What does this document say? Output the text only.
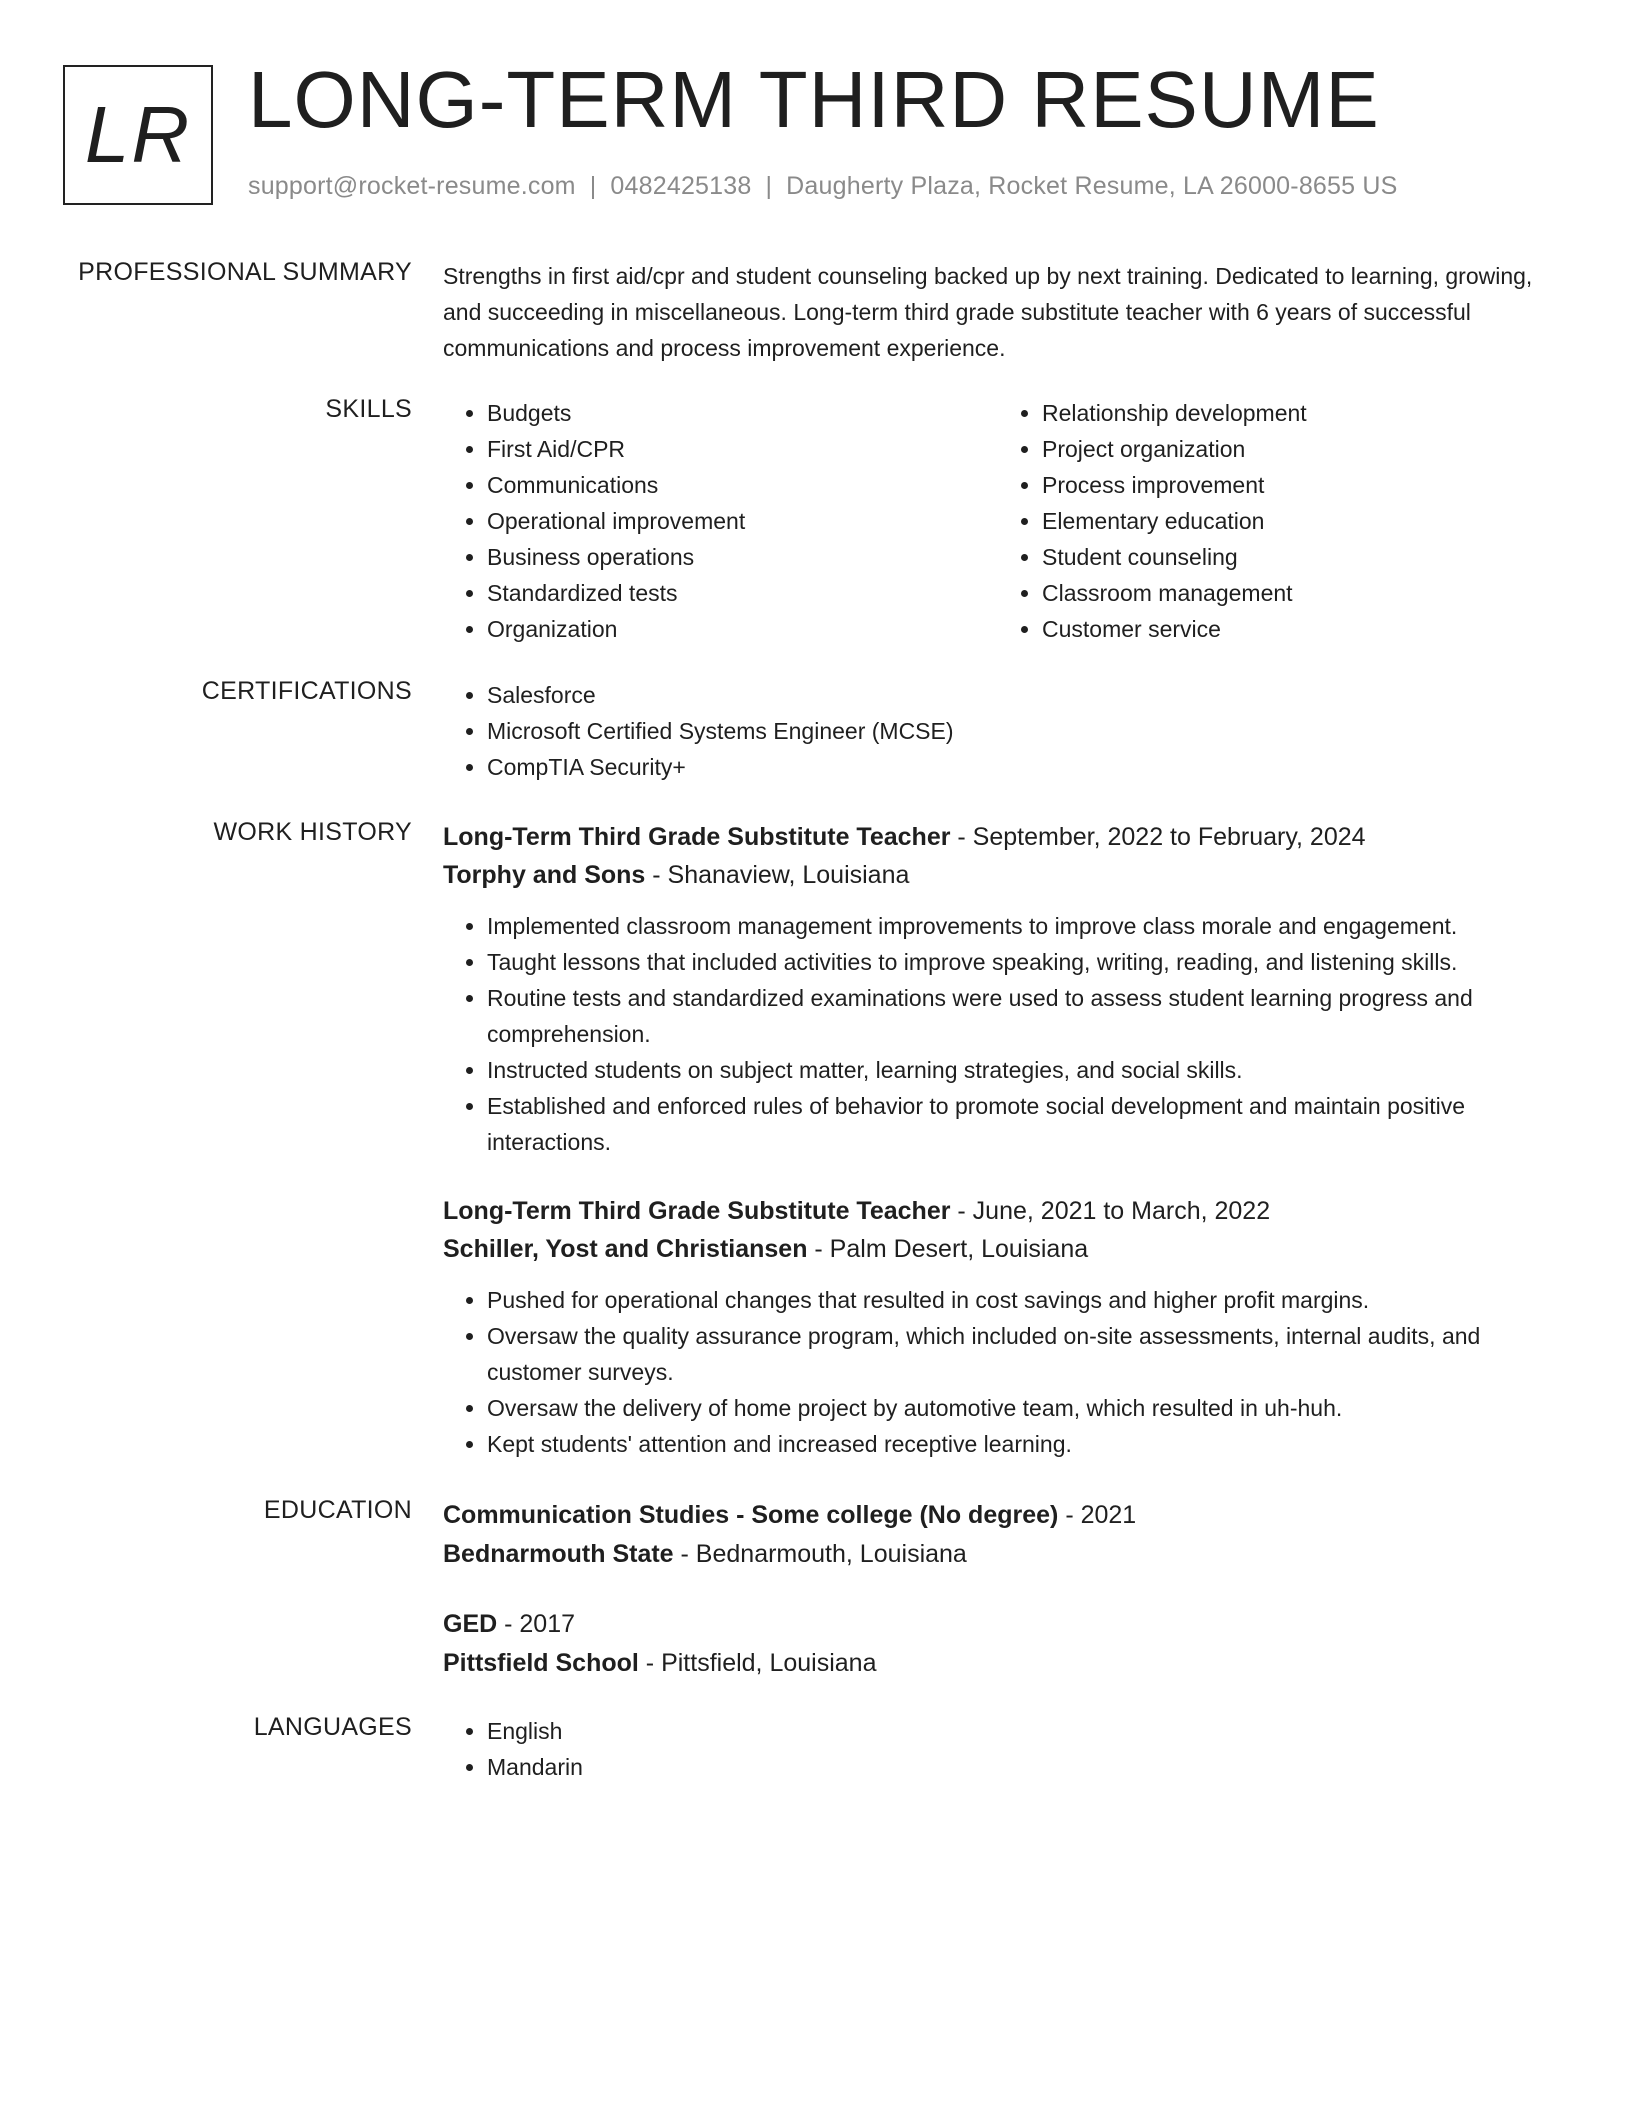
LR LONG-TERM THIRD RESUME
support@rocket-resume.com | 0482425138 | Daugherty Plaza, Rocket Resume, LA 26000-8655 US
PROFESSIONAL SUMMARY Strengths in first aid/cpr and student counseling backed up by next training. Dedicated to learning, growing, and succeeding in miscellaneous. Long-term third grade substitute teacher with 6 years of successful communications and process improvement experience.

SKILLS	• Budgets
• First Aid/CPR
• Communications
• Operational improvement
• Business operations
• Standardized tests
• Organization
• Relationship development
• Project organization
• Process improvement
• Elementary education
• Student counseling
• Classroom management
• Customer service
CERTIFICATIONS	• Salesforce
• Microsoft Certified Systems Engineer (MCSE)
• CompTIA Security+
WORK HISTORY Long-Term Third Grade Substitute Teacher - September, 2022 to February, 2024
Torphy and Sons - Shanaview, Louisiana
• Implemented classroom management improvements to improve class morale and engagement.
• Taught lessons that included activities to improve speaking, writing, reading, and listening skills.
• Routine tests and standardized examinations were used to assess student learning progress and comprehension.
• Instructed students on subject matter, learning strategies, and social skills.
• Established and enforced rules of behavior to promote social development and maintain positive interactions.
Long-Term Third Grade Substitute Teacher - June, 2021 to March, 2022
Schiller, Yost and Christiansen - Palm Desert, Louisiana
• Pushed for operational changes that resulted in cost savings and higher profit margins.
• Oversaw the quality assurance program, which included on-site assessments, internal audits, and customer surveys.
• Oversaw the delivery of home project by automotive team, which resulted in uh-huh.
• Kept students' attention and increased receptive learning.
EDUCATION Communication Studies - Some college (No degree) - 2021
Bednarmouth State - Bednarmouth, Louisiana
GED - 2017
Pittsfield School - Pittsfield, Louisiana
LANGUAGES	• English
• Mandarin
